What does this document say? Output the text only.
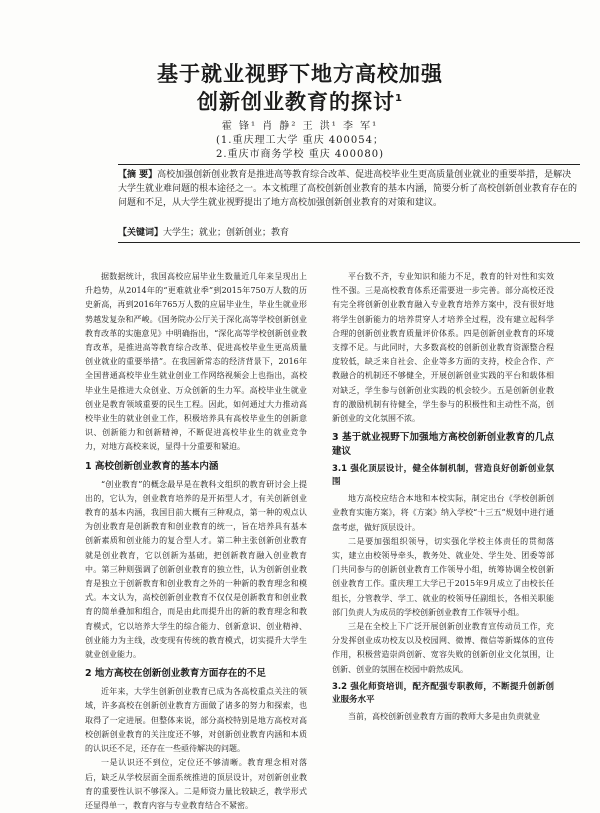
基于就业视野下地方高校加强
创新创业教育的探讨$^1$
霍 锋¹ 肖 静² 王 洪¹ 李 军¹
(1.重庆理工大学 重庆 400054；
2.重庆市商务学校 重庆 400080)
【摘 要】高校加强创新创业教育是推进高等教育综合改革、促进高校毕业生更高质量创业就业的重要举措，是解决大学生就业难问题的根本途径之一。本文梳理了高校创新创业教育的基本内涵，简要分析了高校创新创业教育存在的问题和不足，从大学生就业视野提出了地方高校加强创新创业教育的对策和建议。
【关键词】大学生；就业；创新创业；教育

据数据统计，我国高校应届毕业生数量近几年来呈现出上升趋势，从2014年的“更难就业季”到2015年750万人数的历史新高，再到2016年765万人数的应届毕业生，毕业生就业形势越发复杂和严峻。《国务院办公厅关于深化高等学校创新创业教育改革的实施意见》中明确指出，“深化高等学校创新创业教育改革，是推进高等教育综合改革、促进高校毕业生更高质量创业就业的重要举措”。在我国新常态的经济背景下，2016年全国普通高校毕业生就业创业工作网络视频会上也指出，高校毕业生是推进大众创业、万众创新的生力军。高校毕业生就业创业是教育领域重要的民生工程。因此，如何通过大力推动高校毕业生的就业创业工作，积极培养具有高校毕业生的创新意识、创新能力和创新精神，不断促进高校毕业生的就业竞争力，对地方高校来说，显得十分重要和紧迫。

1 高校创新创业教育的基本内涵

“创业教育”的概念最早是在教科文组织的教育研讨会上提出的，它认为，创业教育培养的是开拓型人才，有关创新创业教育的基本内涵，我国目前大概有三种观点，第一种的观点认为创业教育是创新教育和创业教育的统一，旨在培养具有基本创新素质和创业能力的复合型人才。第二种主张创新创业教育就是创业教育，它以创新为基础，把创新教育融入创业教育中。第三种则强调了创新创业教育的独立性，认为创新创业教育是独立于创新教育和创业教育之外的一种新的教育理念和模式。本文认为，高校创新创业教育不仅仅是创新教育和创业教育的简单叠加和组合，而是由此而提升出的新的教育理念和教育模式，它以培养大学生的综合能力、创新意识、创业精神、创业能力为主线，改变现有传统的教育模式，切实提升大学生就业创业能力。

2 地方高校在创新创业教育方面存在的不足

近年来，大学生创新创业教育已成为各高校重点关注的领域，许多高校在创新创业教育方面做了诸多的努力和探索，也取得了一定进展。但整体来说，部分高校特别是地方高校对高校创新创业教育的关注度还不够，对创新创业教育内涵和本质的认识还不足，还存在一些亟待解决的问题。

一是认识还不到位，定位还不够清晰。教育理念相对落后，缺乏从学校层面全面系统推进的顶层设计，对创新创业教育的重要性认识不够深入。二是师资力量比较缺乏，教学形式还显得单一，教育内容与专业教育结合不紧密。

平台数不齐，专业知识和能力不足，教育的针对性和实效性不强。三是高校教育体系还需要进一步完善。部分高校还没有完全将创新创业教育融入专业教育培养方案中，没有很好地将学生创新能力的培养贯穿人才培养全过程，没有建立起科学合理的创新创业教育质量评价体系。四是创新创业教育的环境支撑不足。与此同时，大多数高校的创新创业教育资源整合程度较低，缺乏来自社会、企业等多方面的支持，校企合作、产教融合的机制还不够健全，开展创新创业实践的平台和载体相对缺乏，学生参与创新创业实践的机会较少。五是创新创业教育的激励机制有待健全，学生参与的积极性和主动性不高，创新创业的文化氛围不浓。

3 基于就业视野下加强地方高校创新创业教育的几点建议
3.1 强化顶层设计，健全体制机制，营造良好创新创业氛围

地方高校应结合本地和本校实际，制定出台《学校创新创业教育实施方案》，将《方案》纳入学校“十三五”规划中进行通盘考虑，做好顶层设计。

二是要加强组织领导，切实强化学校主体责任的贯彻落实，建立由校领导牵头，教务处、就业处、学生处、团委等部门共同参与的创新创业教育工作领导小组，统筹协调全校创新创业教育工作。重庆理工大学已于2015年9月成立了由校长任组长，分管教学、学工、就业的校领导任副组长，各相关职能部门负责人为成员的学校创新创业教育工作领导小组。

三是在全校上下广泛开展创新创业教育宣传动员工作，充分发挥创业成功校友以及校园网、微博、微信等新媒体的宣传作用，积极营造崇尚创新、宽容失败的创新创业文化氛围，让创新、创业的氛围在校园中蔚然成风。

3.2 强化师资培训，配齐配强专职教师，不断提升创新创业服务水平

当前，高校创新创业教育方面的教师大多是由负责就业
